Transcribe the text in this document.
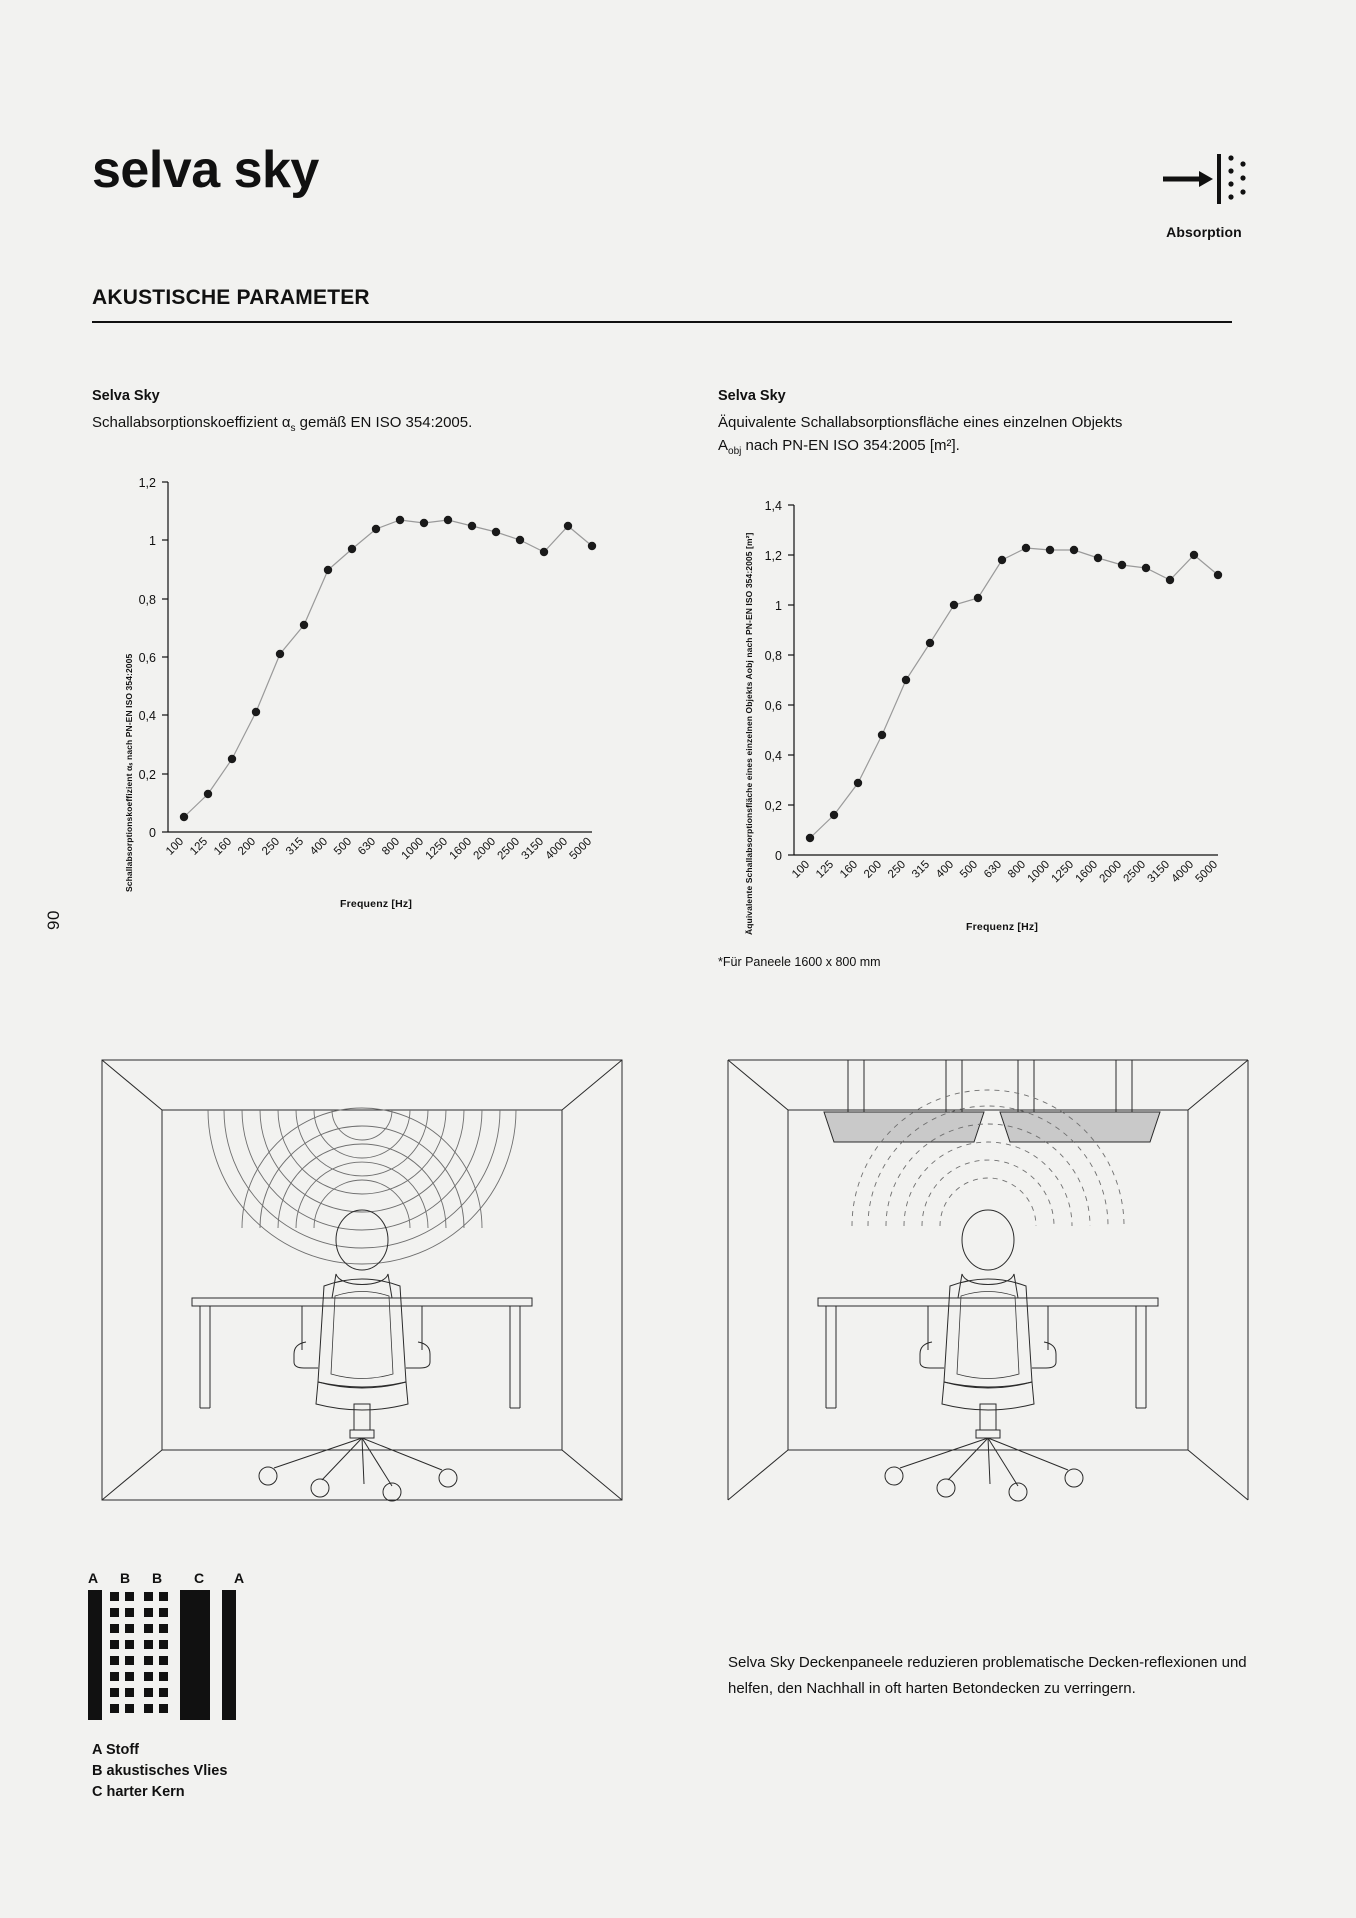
selva sky
Absorption
AKUSTISCHE PARAMETER
90
Selva Sky
Schallabsorptionskoeffizient $\alpha_s$ gemäß EN ISO 354:2005.
Schallabsorptionskoeffizient αₛ nach PN-EN ISO 354:2005 0
0,2
0,4
0,6
0,8
1
1,2
100 125 160 200 250 315 400 500 630 800
1000
1250
1600
2000
2500
3150
4000
5000
Frequenz [Hz]
Selva Sky
Äquivalente Schallabsorptionsfläche eines einzelnen Objekts
$A_{obj}$ nach PN-EN ISO 354:2005 [m²].
Äquivalente Schallabsorptionsfläche eines einzelnen Objekts Aobj nach PN-EN ISO 354:2005 [m²]
0
0,2
0,4
0,6
0,8
1
1,2
1,4
100 125 160 200 250 315 400 500 630 800
1000
1250
1600
2000
2500
3150
4000
5000
Frequenz [Hz]
*Für Paneele 1600 x 800 mm
A B B C A
A Stoff
B akustisches Vlies
C harter Kern
Selva Sky Deckenpaneele reduzieren problematische Decken-reflexionen und helfen, den Nachhall in oft harten Betondecken zu verringern.
